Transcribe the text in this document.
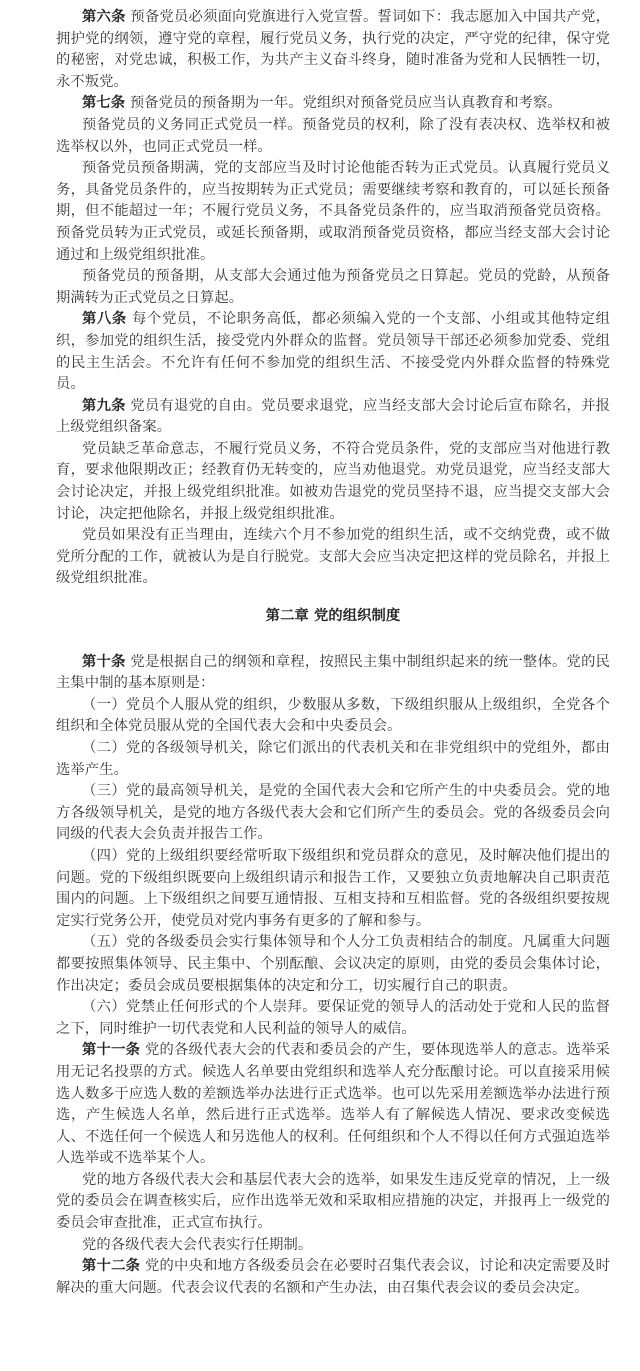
第六条 预备党员必须面向党旗进行入党宣誓。誓词如下：我志愿加入中国共产党，拥护党的纲领，遵守党的章程，履行党员义务，执行党的决定，严守党的纪律，保守党的秘密，对党忠诚，积极工作，为共产主义奋斗终身，随时准备为党和人民牺牲一切，永不叛党。

第七条 预备党员的预备期为一年。党组织对预备党员应当认真教育和考察。

预备党员的义务同正式党员一样。预备党员的权利，除了没有表决权、选举权和被选举权以外，也同正式党员一样。

预备党员预备期满，党的支部应当及时讨论他能否转为正式党员。认真履行党员义务，具备党员条件的，应当按期转为正式党员；需要继续考察和教育的，可以延长预备期，但不能超过一年；不履行党员义务，不具备党员条件的，应当取消预备党员资格。预备党员转为正式党员，或延长预备期，或取消预备党员资格，都应当经支部大会讨论通过和上级党组织批准。

预备党员的预备期，从支部大会通过他为预备党员之日算起。党员的党龄，从预备期满转为正式党员之日算起。

第八条 每个党员，不论职务高低，都必须编入党的一个支部、小组或其他特定组织，参加党的组织生活，接受党内外群众的监督。党员领导干部还必须参加党委、党组的民主生活会。不允许有任何不参加党的组织生活、不接受党内外群众监督的特殊党员。

第九条 党员有退党的自由。党员要求退党，应当经支部大会讨论后宣布除名，并报上级党组织备案。

党员缺乏革命意志，不履行党员义务，不符合党员条件，党的支部应当对他进行教育，要求他限期改正；经教育仍无转变的，应当劝他退党。劝党员退党，应当经支部大会讨论决定，并报上级党组织批准。如被劝告退党的党员坚持不退，应当提交支部大会讨论，决定把他除名，并报上级党组织批准。

党员如果没有正当理由，连续六个月不参加党的组织生活，或不交纳党费，或不做党所分配的工作，就被认为是自行脱党。支部大会应当决定把这样的党员除名，并报上级党组织批准。

第二章 党的组织制度

第十条 党是根据自己的纲领和章程，按照民主集中制组织起来的统一整体。党的民主集中制的基本原则是：

（一）党员个人服从党的组织，少数服从多数，下级组织服从上级组织，全党各个组织和全体党员服从党的全国代表大会和中央委员会。

（二）党的各级领导机关，除它们派出的代表机关和在非党组织中的党组外，都由选举产生。

（三）党的最高领导机关，是党的全国代表大会和它所产生的中央委员会。党的地方各级领导机关，是党的地方各级代表大会和它们所产生的委员会。党的各级委员会向同级的代表大会负责并报告工作。

（四）党的上级组织要经常听取下级组织和党员群众的意见，及时解决他们提出的问题。党的下级组织既要向上级组织请示和报告工作，又要独立负责地解决自己职责范围内的问题。上下级组织之间要互通情报、互相支持和互相监督。党的各级组织要按规定实行党务公开，使党员对党内事务有更多的了解和参与。

（五）党的各级委员会实行集体领导和个人分工负责相结合的制度。凡属重大问题都要按照集体领导、民主集中、个别酝酿、会议决定的原则，由党的委员会集体讨论，作出决定；委员会成员要根据集体的决定和分工，切实履行自己的职责。

（六）党禁止任何形式的个人崇拜。要保证党的领导人的活动处于党和人民的监督之下，同时维护一切代表党和人民利益的领导人的威信。

第十一条 党的各级代表大会的代表和委员会的产生，要体现选举人的意志。选举采用无记名投票的方式。候选人名单要由党组织和选举人充分酝酿讨论。可以直接采用候选人数多于应选人数的差额选举办法进行正式选举。也可以先采用差额选举办法进行预选，产生候选人名单，然后进行正式选举。选举人有了解候选人情况、要求改变候选人、不选任何一个候选人和另选他人的权利。任何组织和个人不得以任何方式强迫选举人选举或不选举某个人。

党的地方各级代表大会和基层代表大会的选举，如果发生违反党章的情况，上一级党的委员会在调查核实后，应作出选举无效和采取相应措施的决定，并报再上一级党的委员会审查批准，正式宣布执行。

党的各级代表大会代表实行任期制。

第十二条 党的中央和地方各级委员会在必要时召集代表会议，讨论和决定需要及时解决的重大问题。代表会议代表的名额和产生办法，由召集代表会议的委员会决定。
